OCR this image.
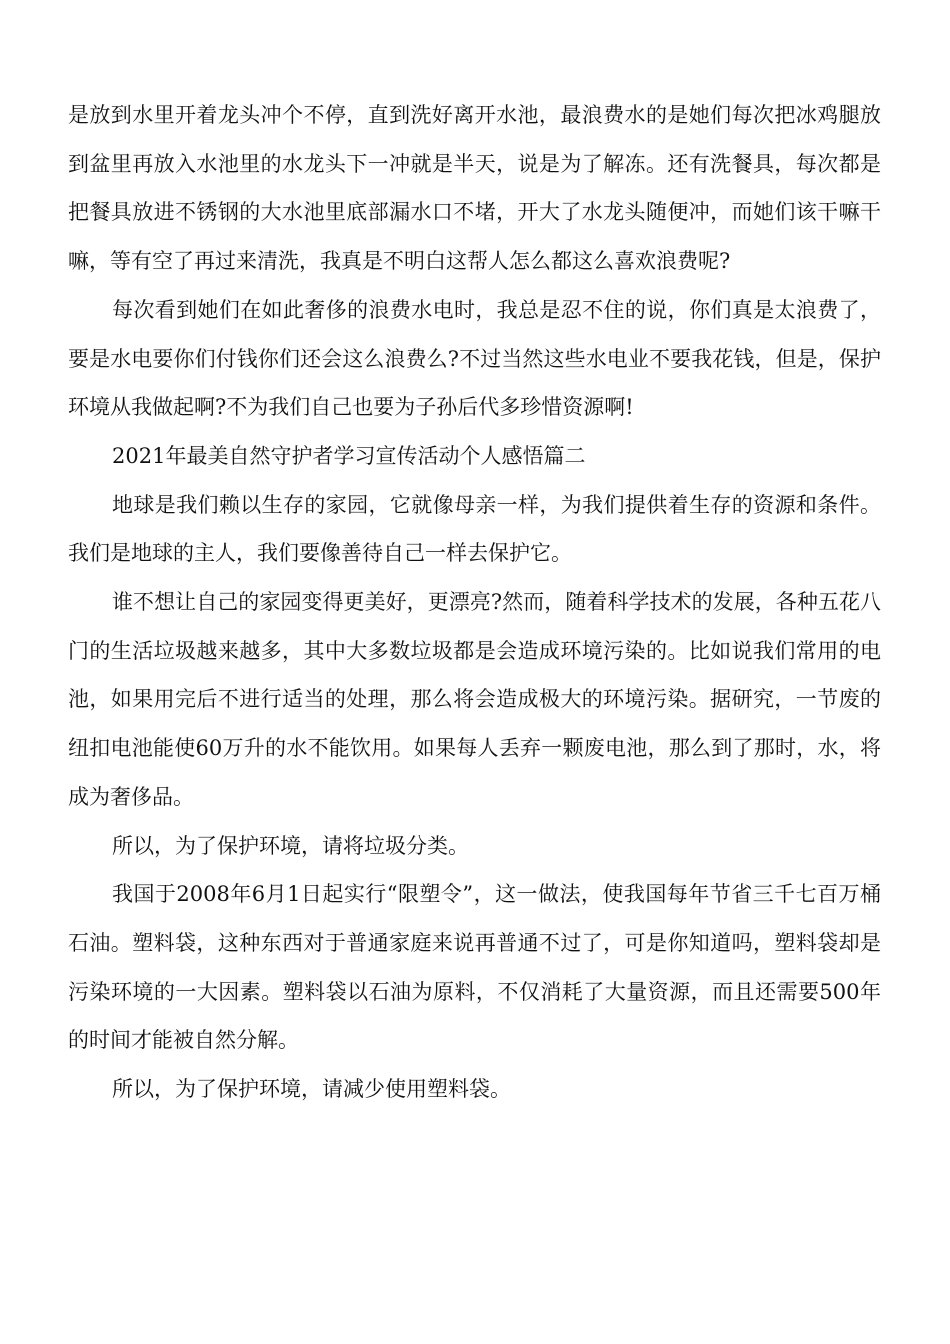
是放到水里开着龙头冲个不停，直到洗好离开水池，最浪费水的是她们每次把冰鸡腿放到盆里再放入水池里的水龙头下一冲就是半天，说是为了解冻。还有洗餐具，每次都是把餐具放进不锈钢的大水池里底部漏水口不堵，开大了水龙头随便冲，而她们该干嘛干嘛，等有空了再过来清洗，我真是不明白这帮人怎么都这么喜欢浪费呢?

每次看到她们在如此奢侈的浪费水电时，我总是忍不住的说，你们真是太浪费了，要是水电要你们付钱你们还会这么浪费么?不过当然这些水电业不要我花钱，但是，保护环境从我做起啊?不为我们自己也要为子孙后代多珍惜资源啊!

2021年最美自然守护者学习宣传活动个人感悟篇二

地球是我们赖以生存的家园，它就像母亲一样，为我们提供着生存的资源和条件。我们是地球的主人，我们要像善待自己一样去保护它。

谁不想让自己的家园变得更美好，更漂亮?然而，随着科学技术的发展，各种五花八门的生活垃圾越来越多，其中大多数垃圾都是会造成环境污染的。比如说我们常用的电池，如果用完后不进行适当的处理，那么将会造成极大的环境污染。据研究，一节废的纽扣电池能使60万升的水不能饮用。如果每人丢弃一颗废电池，那么到了那时，水，将成为奢侈品。

所以，为了保护环境，请将垃圾分类。

我国于2008年6月1日起实行“限塑令”，这一做法，使我国每年节省三千七百万桶石油。塑料袋，这种东西对于普通家庭来说再普通不过了，可是你知道吗，塑料袋却是污染环境的一大因素。塑料袋以石油为原料，不仅消耗了大量资源，而且还需要500年的时间才能被自然分解。

所以，为了保护环境，请减少使用塑料袋。
